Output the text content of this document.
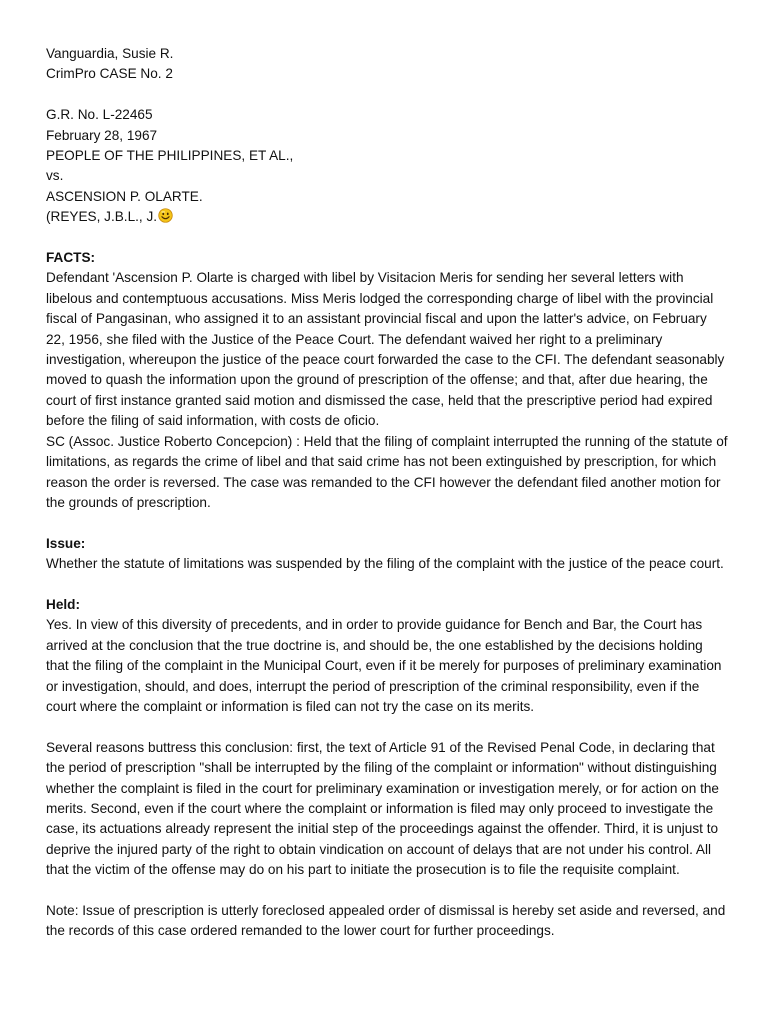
Vanguardia, Susie R.

CrimPro CASE No. 2

G.R. No. L-22465

February 28, 1967

PEOPLE OF THE PHILIPPINES, ET AL.,

vs.

ASCENSION P. OLARTE.

(REYES, J.B.L., J.

FACTS:

Defendant 'Ascension P. Olarte is charged with libel by Visitacion Meris for sending her several letters with libelous and contemptuous accusations. Miss Meris lodged the corresponding charge of libel with the provincial fiscal of Pangasinan, who assigned it to an assistant provincial fiscal and upon the latter's advice, on February 22, 1956, she filed with the Justice of the Peace Court. The defendant waived her right to a preliminary investigation, whereupon the justice of the peace court forwarded the case to the CFI. The defendant seasonably moved to quash the information upon the ground of prescription of the offense; and that, after due hearing, the court of first instance granted said motion and dismissed the case, held that the prescriptive period had expired before the filing of said information, with costs de oficio.

SC (Assoc. Justice Roberto Concepcion) : Held that the filing of complaint interrupted the running of the statute of limitations, as regards the crime of libel and that said crime has not been extinguished by prescription, for which reason the order is reversed. The case was remanded to the CFI however the defendant filed another motion for the grounds of prescription.

Issue:

Whether the statute of limitations was suspended by the filing of the complaint with the justice of the peace court.

Held:

Yes. In view of this diversity of precedents, and in order to provide guidance for Bench and Bar, the Court has arrived at the conclusion that the true doctrine is, and should be, the one established by the decisions holding that the filing of the complaint in the Municipal Court, even if it be merely for purposes of preliminary examination or investigation, should, and does, interrupt the period of prescription of the criminal responsibility, even if the court where the complaint or information is filed can not try the case on its merits.

Several reasons buttress this conclusion: first, the text of Article 91 of the Revised Penal Code, in declaring that the period of prescription "shall be interrupted by the filing of the complaint or information" without distinguishing whether the complaint is filed in the court for preliminary examination or investigation merely, or for action on the merits. Second, even if the court where the complaint or information is filed may only proceed to investigate the case, its actuations already represent the initial step of the proceedings against the offender. Third, it is unjust to deprive the injured party of the right to obtain vindication on account of delays that are not under his control. All that the victim of the offense may do on his part to initiate the prosecution is to file the requisite complaint.

Note: Issue of prescription is utterly foreclosed appealed order of dismissal is hereby set aside and reversed, and the records of this case ordered remanded to the lower court for further proceedings.
